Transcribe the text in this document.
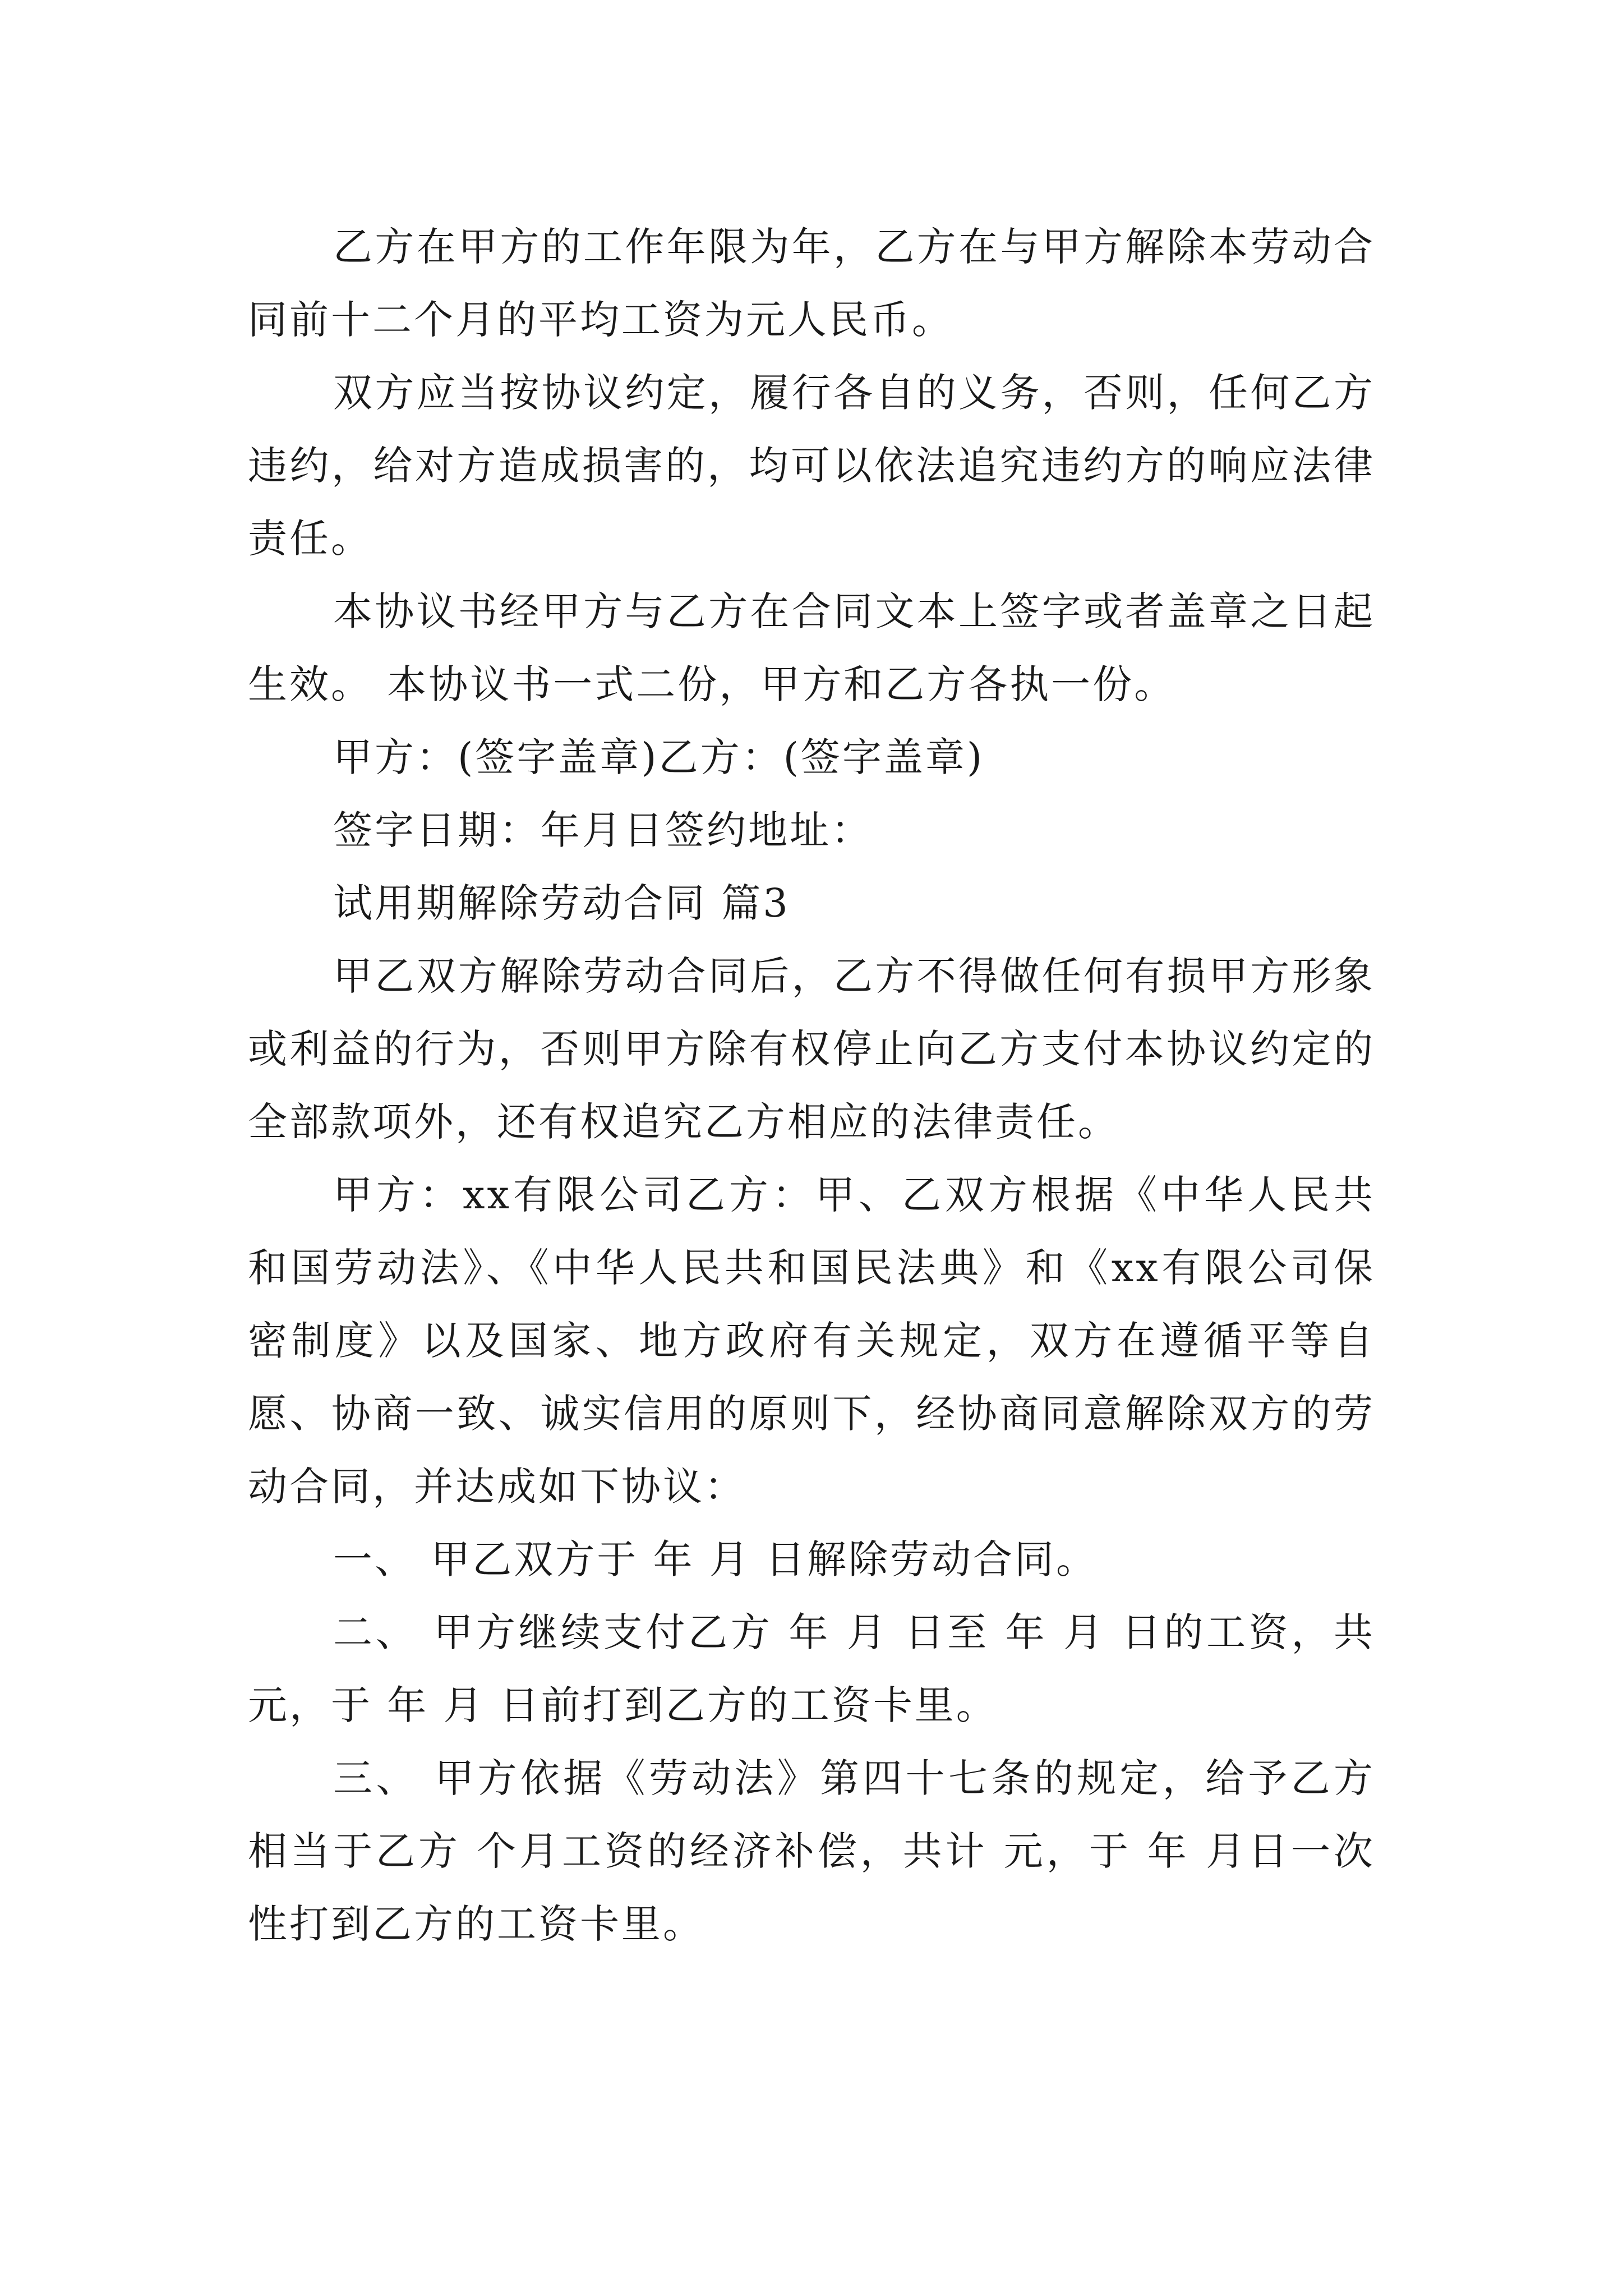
乙方在甲方的工作年限为年，乙方在与甲方解除本劳动合同前十二个月的平均工资为元人民币。

双方应当按协议约定，履行各自的义务，否则，任何乙方违约，给对方造成损害的，均可以依法追究违约方的响应法律责任。

本协议书经甲方与乙方在合同文本上签字或者盖章之日起生效。 本协议书一式二份，甲方和乙方各执一份。

甲方：(签字盖章)乙方：(签字盖章)

签字日期：年月日签约地址：

试用期解除劳动合同 篇3

甲乙双方解除劳动合同后，乙方不得做任何有损甲方形象或利益的行为，否则甲方除有权停止向乙方支付本协议约定的全部款项外，还有权追究乙方相应的法律责任。

甲方：xx有限公司乙方：甲、乙双方根据《中华人民共和国劳动法》、《中华人民共和国民法典》和《xx有限公司保密制度》以及国家、地方政府有关规定，双方在遵循平等自愿、协商一致、诚实信用的原则下，经协商同意解除双方的劳动合同，并达成如下协议：

一、 甲乙双方于 年 月 日解除劳动合同。

二、 甲方继续支付乙方 年 月 日至 年 月 日的工资，共 元，于 年 月 日前打到乙方的工资卡里。

三、 甲方依据《劳动法》第四十七条的规定，给予乙方相当于乙方 个月工资的经济补偿，共计 元，于 年 月日一次性打到乙方的工资卡里。
